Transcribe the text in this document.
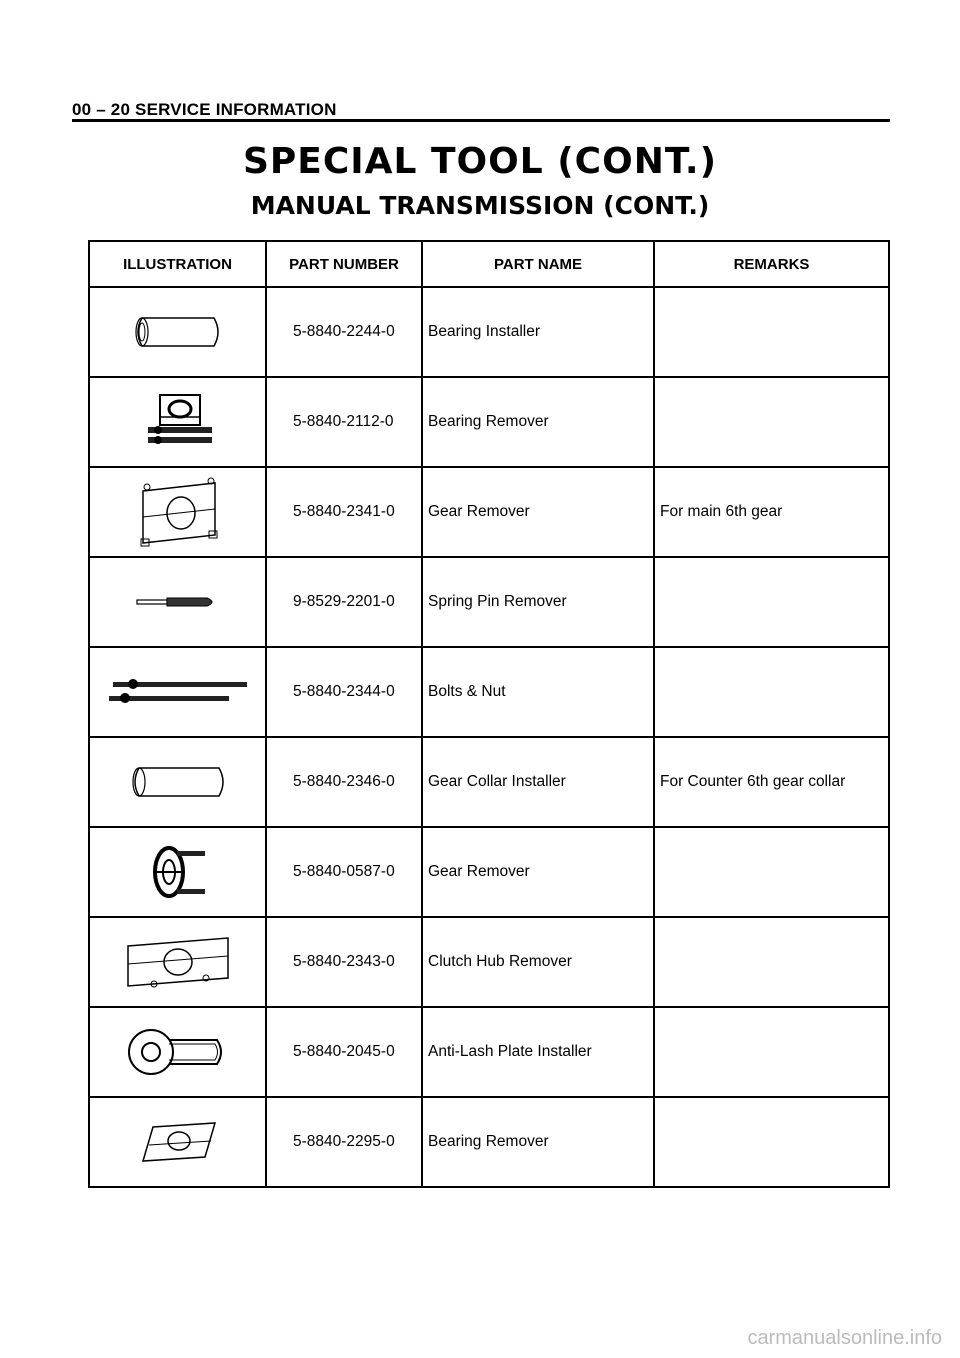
00 – 20 SERVICE INFORMATION
SPECIAL TOOL (CONT.)
MANUAL TRANSMISSION (CONT.)
ILLUSTRATION	PART NUMBER	PART NAME	REMARKS

	5-8840-2244-0	Bearing Installer	

	5-8840-2112-0	Bearing Remover	

	5-8840-2341-0	Gear Remover	For main 6th gear

	9-8529-2201-0	Spring Pin Remover	

	5-8840-2344-0	Bolts & Nut	

	5-8840-2346-0	Gear Collar Installer	For Counter 6th gear collar

	5-8840-0587-0	Gear Remover	

	5-8840-2343-0	Clutch Hub Remover	

	5-8840-2045-0	Anti-Lash Plate Installer	

	5-8840-2295-0	Bearing Remover	
carmanualsonline.info
